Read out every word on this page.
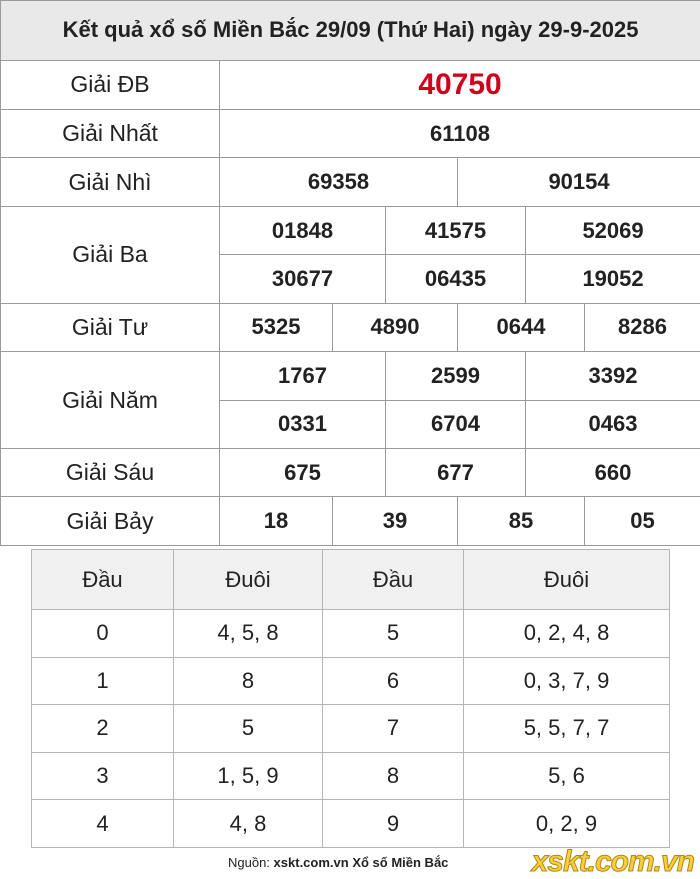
Kết quả xổ số Miền Bắc 29/09 (Thứ Hai) ngày 29-9-2025						
Giải ĐB	40750					
Giải Nhất	61108					
Giải Nhì	69358			90154		
Giải Ba	01848		41575		52069	
	30677		06435		19052	
Giải Tư	5325	4890		0644		8286
Giải Năm	1767		2599		3392	
	0331		6704		0463	
Giải Sáu	675		677		660	
Giải Bảy	18	39		85		05
Đầu	Đuôi	Đầu	Đuôi
0	4, 5, 8	5	0, 2, 4, 8
1	8	6	0, 3, 7, 9
2	5	7	5, 5, 7, 7
3	1, 5, 9	8	5, 6
4	4, 8	9	0, 2, 9
Nguồn: xskt.com.vn Xổ số Miền Bắc	xskt.com.vn
